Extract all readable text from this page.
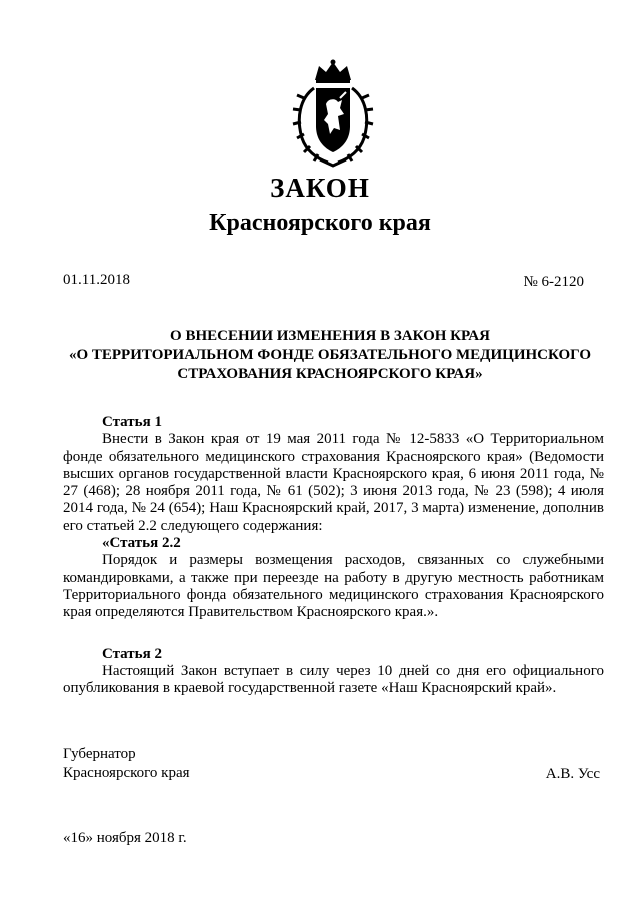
ЗАКОН
Красноярского края
01.11.2018	№ 6-2120
О ВНЕСЕНИИ ИЗМЕНЕНИЯ В ЗАКОН КРАЯ
«О ТЕРРИТОРИАЛЬНОМ ФОНДЕ ОБЯЗАТЕЛЬНОГО МЕДИЦИНСКОГО
СТРАХОВАНИЯ КРАСНОЯРСКОГО КРАЯ»
Статья 1

Внести в Закон края от 19 мая 2011 года № 12-5833 «О Территориальном фонде обязательного медицинского страхования Красноярского края» (Ведомости высших органов государственной власти Красноярского края, 6 июня 2011 года, № 27 (468); 28 ноября 2011 года, № 61 (502); 3 июня 2013 года, № 23 (598); 4 июля 2014 года, № 24 (654); Наш Красноярский край, 2017, 3 марта) изменение, дополнив его статьей 2.2 следующего содержания:

«Статья 2.2

Порядок и размеры возмещения расходов, связанных со служебными командировками, а также при переезде на работу в другую местность работникам Территориального фонда обязательного медицинского страхования Красноярского края определяются Правительством Красноярского края.».

Статья 2

Настоящий Закон вступает в силу через 10 дней со дня его официального опубликования в краевой государственной газете «Наш Красноярский край».

Губернатор
Красноярского края	А.В. Усс
«16» ноября 2018 г.
